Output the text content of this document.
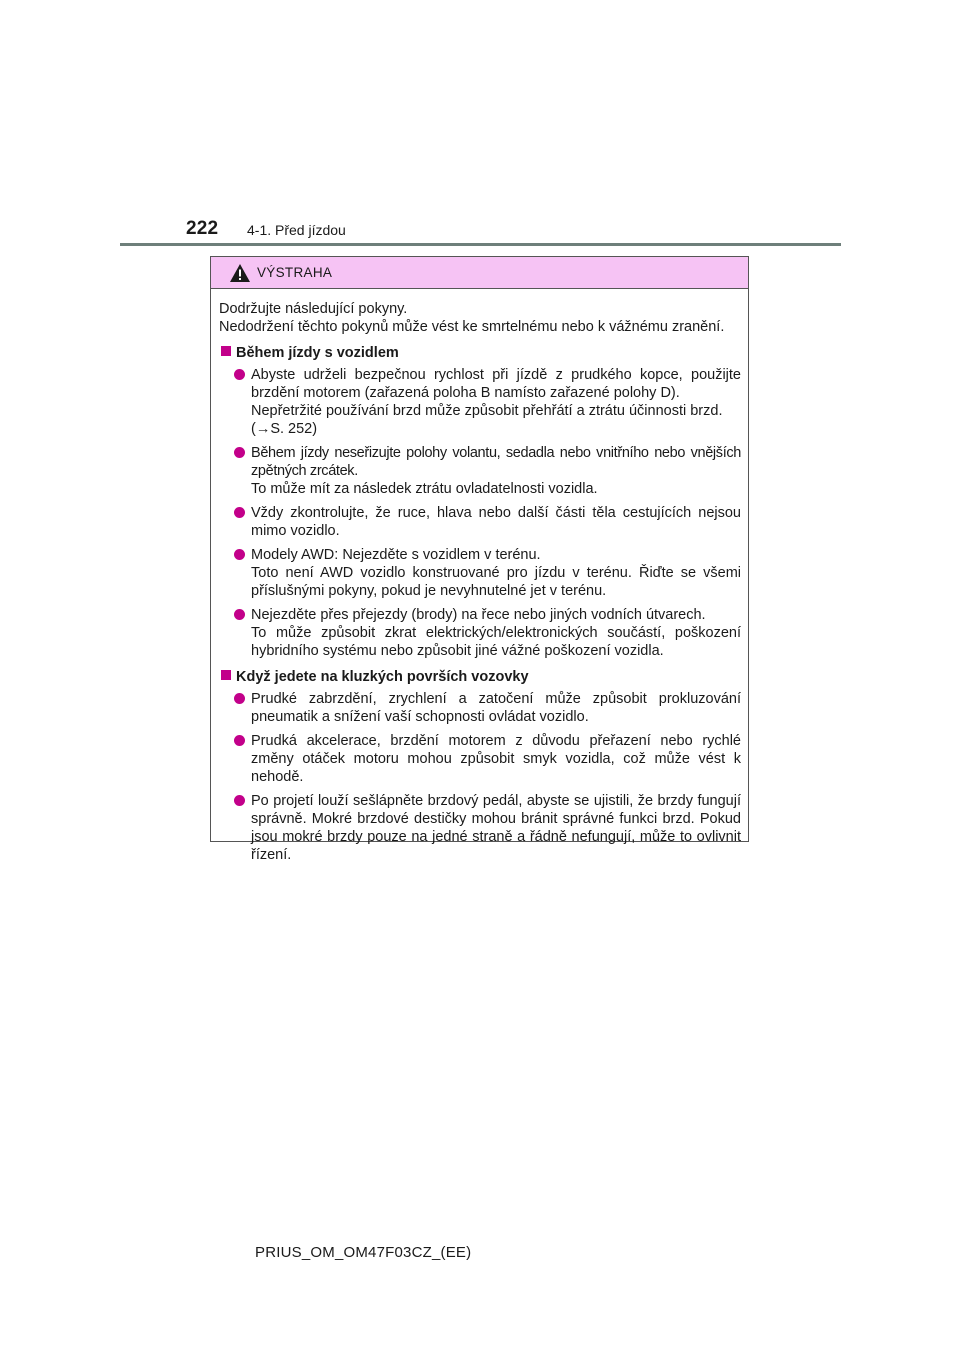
222 4-1. Před jízdou
VÝSTRAHA

Dodržujte následující pokyny.

Nedodržení těchto pokynů může vést ke smrtelnému nebo k vážnému zranění.

Během jízdy s vozidlem

Abyste udrželi bezpečnou rychlost při jízdě z prudkého kopce, použijte brzdění motorem (zařazená poloha B namísto zařazené polohy D).

Nepřetržité používání brzd může způsobit přehřátí a ztrátu účinnosti brzd.

(→S. 252)

Během jízdy neseřizujte polohy volantu, sedadla nebo vnitřního nebo vnějších zpětných zrcátek.

To může mít za následek ztrátu ovladatelnosti vozidla.

Vždy zkontrolujte, že ruce, hlava nebo další části těla cestujících nejsou mimo vozidlo.

Modely AWD: Nejezděte s vozidlem v terénu.

Toto není AWD vozidlo konstruované pro jízdu v terénu. Řiďte se všemi příslušnými pokyny, pokud je nevyhnutelné jet v terénu.

Nejezděte přes přejezdy (brody) na řece nebo jiných vodních útvarech.

To může způsobit zkrat elektrických/elektronických součástí, poškození hybridního systému nebo způsobit jiné vážné poškození vozidla.

Když jedete na kluzkých površích vozovky

Prudké zabrzdění, zrychlení a zatočení může způsobit prokluzování pneumatik a snížení vaší schopnosti ovládat vozidlo.

Prudká akcelerace, brzdění motorem z důvodu přeřazení nebo rychlé změny otáček motoru mohou způsobit smyk vozidla, což může vést k nehodě.

Po projetí louží sešlápněte brzdový pedál, abyste se ujistili, že brzdy fungují správně. Mokré brzdové destičky mohou bránit správné funkci brzd. Pokud jsou mokré brzdy pouze na jedné straně a řádně nefungují, může to ovlivnit řízení.

PRIUS_OM_OM47F03CZ_(EE)
